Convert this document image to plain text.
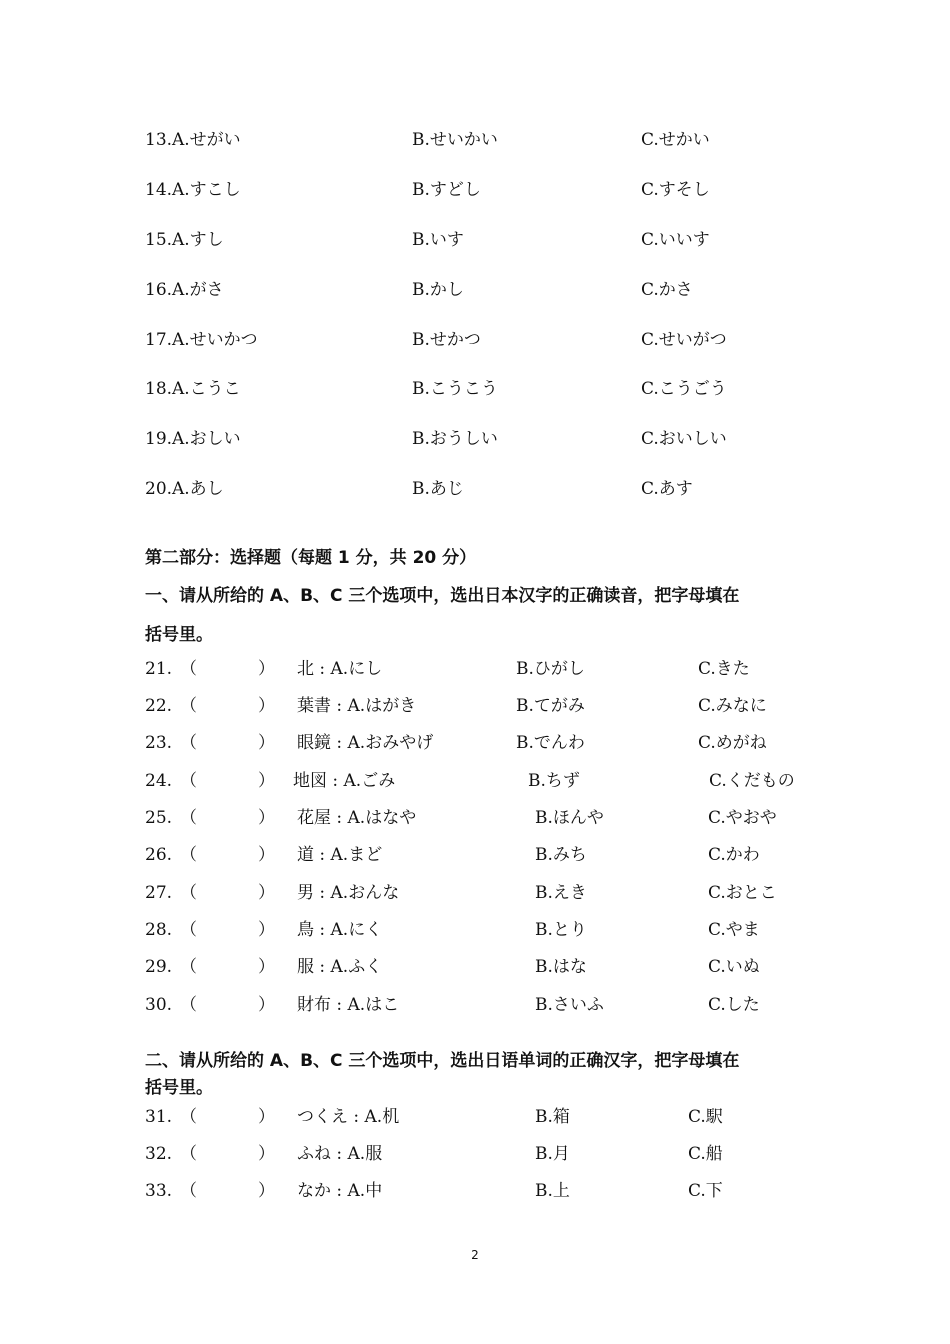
13. A.せがい	B.せいかい	C.せかい
14. A.すこし	B.すどし	C.すそし
15. A.すし	B.いす	C.いいす
16. A.がさ	B.かし	C.かさ
17. A.せいかつ	B.せかつ	C.せいがつ
18. A.こうこ	B.こうこう	C.こうごう
19. A.おしい	B.おうしい	C.おいしい
20. A.あし	B.あじ	C.あす
第二部分：选择题（每题 1 分，共 20 分）
一、请从所给的 A、B、C 三个选项中，选出日本汉字的正确读音，把字母填在
括号里。
21. （	） 北 : A.にし	B.ひがし	C.きた
22. （	） 葉書 : A.はがき	B.てがみ	C.みなに
23. （	） 眼鏡 : A.おみやげ	B.でんわ	C.めがね
24. （	） 地図 : A.ごみ	B.ちず	C.くだもの
25. （	） 花屋 : A.はなや	B.ほんや	C.やおや
26. （	） 道 : A.まど	B.みち	C.かわ
27. （	） 男 : A.おんな	B.えき	C.おとこ
28. （	） 鳥 : A.にく	B.とり	C.やま
29. （	） 服 : A.ふく	B.はな	C.いぬ
30. （	） 財布 : A.はこ	B.さいふ	C.した
二、请从所给的 A、B、C 三个选项中，选出日语单词的正确汉字，把字母填在
括号里。
31. （	） つくえ : A.机	B.箱	C.駅
32. （	） ふね : A.服	B.月	C.船
33. （	） なか : A.中	B.上	C.下
2
